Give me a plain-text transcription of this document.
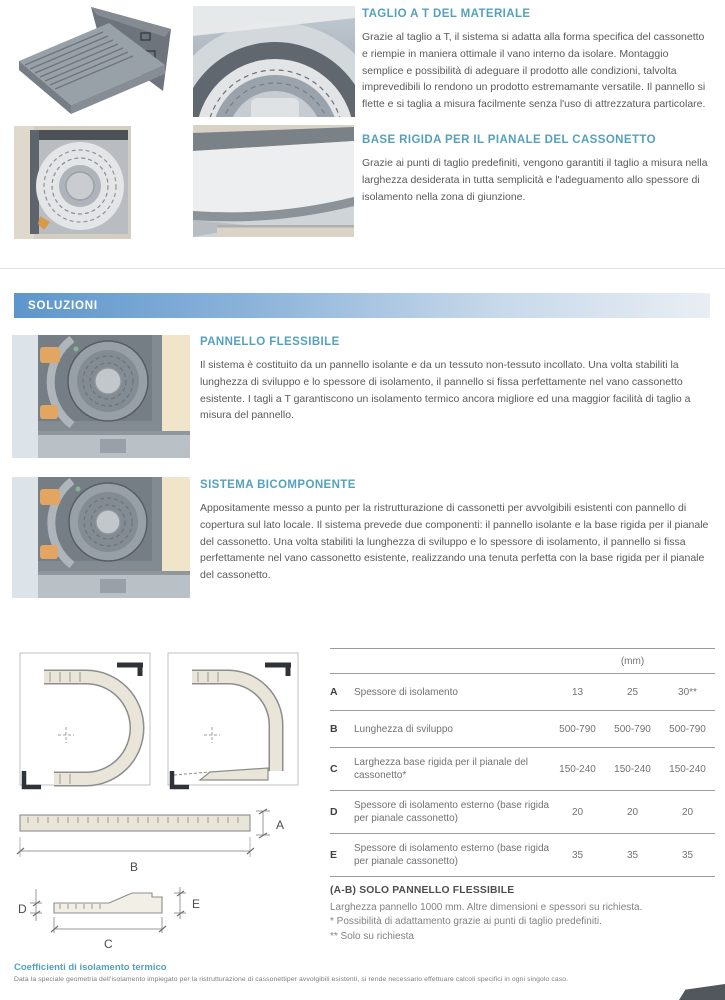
TAGLIO A T DEL MATERIALE

Grazie al taglio a T, il sistema si adatta alla forma specifica del cassonetto e riempie in maniera ottimale il vano interno da isolare. Montaggio semplice e possibilità di adeguare il prodotto alle condizioni, talvolta imprevedibili lo rendono un prodotto estremamante versatile. Il pannello si flette e si taglia a misura facilmente senza l'uso di attrezzatura particolare.

BASE RIGIDA PER IL PIANALE DEL CASSONETTO

Grazie ai punti di taglio predefiniti, vengono garantiti il taglio a misura nella larghezza desiderata in tutta semplicità e l'adeguamento allo spessore di isolamento nella zona di giunzione.

SOLUZIONI
PANNELLO FLESSIBILE

Il sistema è costituito da un pannello isolante e da un tessuto non-tessuto incollato. Una volta stabiliti la lunghezza di sviluppo e lo spessore di isolamento, il pannello si fissa perfettamente nel vano cassonetto esistente. I tagli a T garantiscono un isolamento termico ancora migliore ed una maggior facilità di taglio a misura del pannello.

SISTEMA BICOMPONENTE

Appositamente messo a punto per la ristrutturazione di cassonetti per avvolgibili esistenti con pannello di copertura sul lato locale. Il sistema prevede due componenti: il pannello isolante e la base rigida per il pianale del cassonetto. Una volta stabiliti la lunghezza di sviluppo e lo spessore di isolamento, il pannello si fissa perfettamente nel vano cassonetto esistente, realizzando una tenuta perfetta con la base rigida per il pianale del cassonetto.

A
B
D	E
C
(mm)
A	Spessore di isolamento	13	25	30**
B	Lunghezza di sviluppo	500-790	500-790	500-790
C
Larghezza base rigida per il pianale del cassonetto*
150-240	150-240	150-240
D
Spessore di isolamento esterno (base rigida per pianale cassonetto)
20	20	20
E
Spessore di isolamento esterno (base rigida per pianale cassonetto)
35	35	35
(A-B) SOLO PANNELLO FLESSIBILE
Larghezza pannello 1000 mm. Altre dimensioni e spessori su richiesta.
* Possibilità di adattamento grazie ai punti di taglio predefiniti.
** Solo su richiesta
Coefficienti di isolamento termico
Data la speciale geometria dell'isolamento impiegato per la ristrutturazione di cassonettiper avvolgibili esistenti, si rende necessario effettuare calcoli specifici in ogni singolo caso.
